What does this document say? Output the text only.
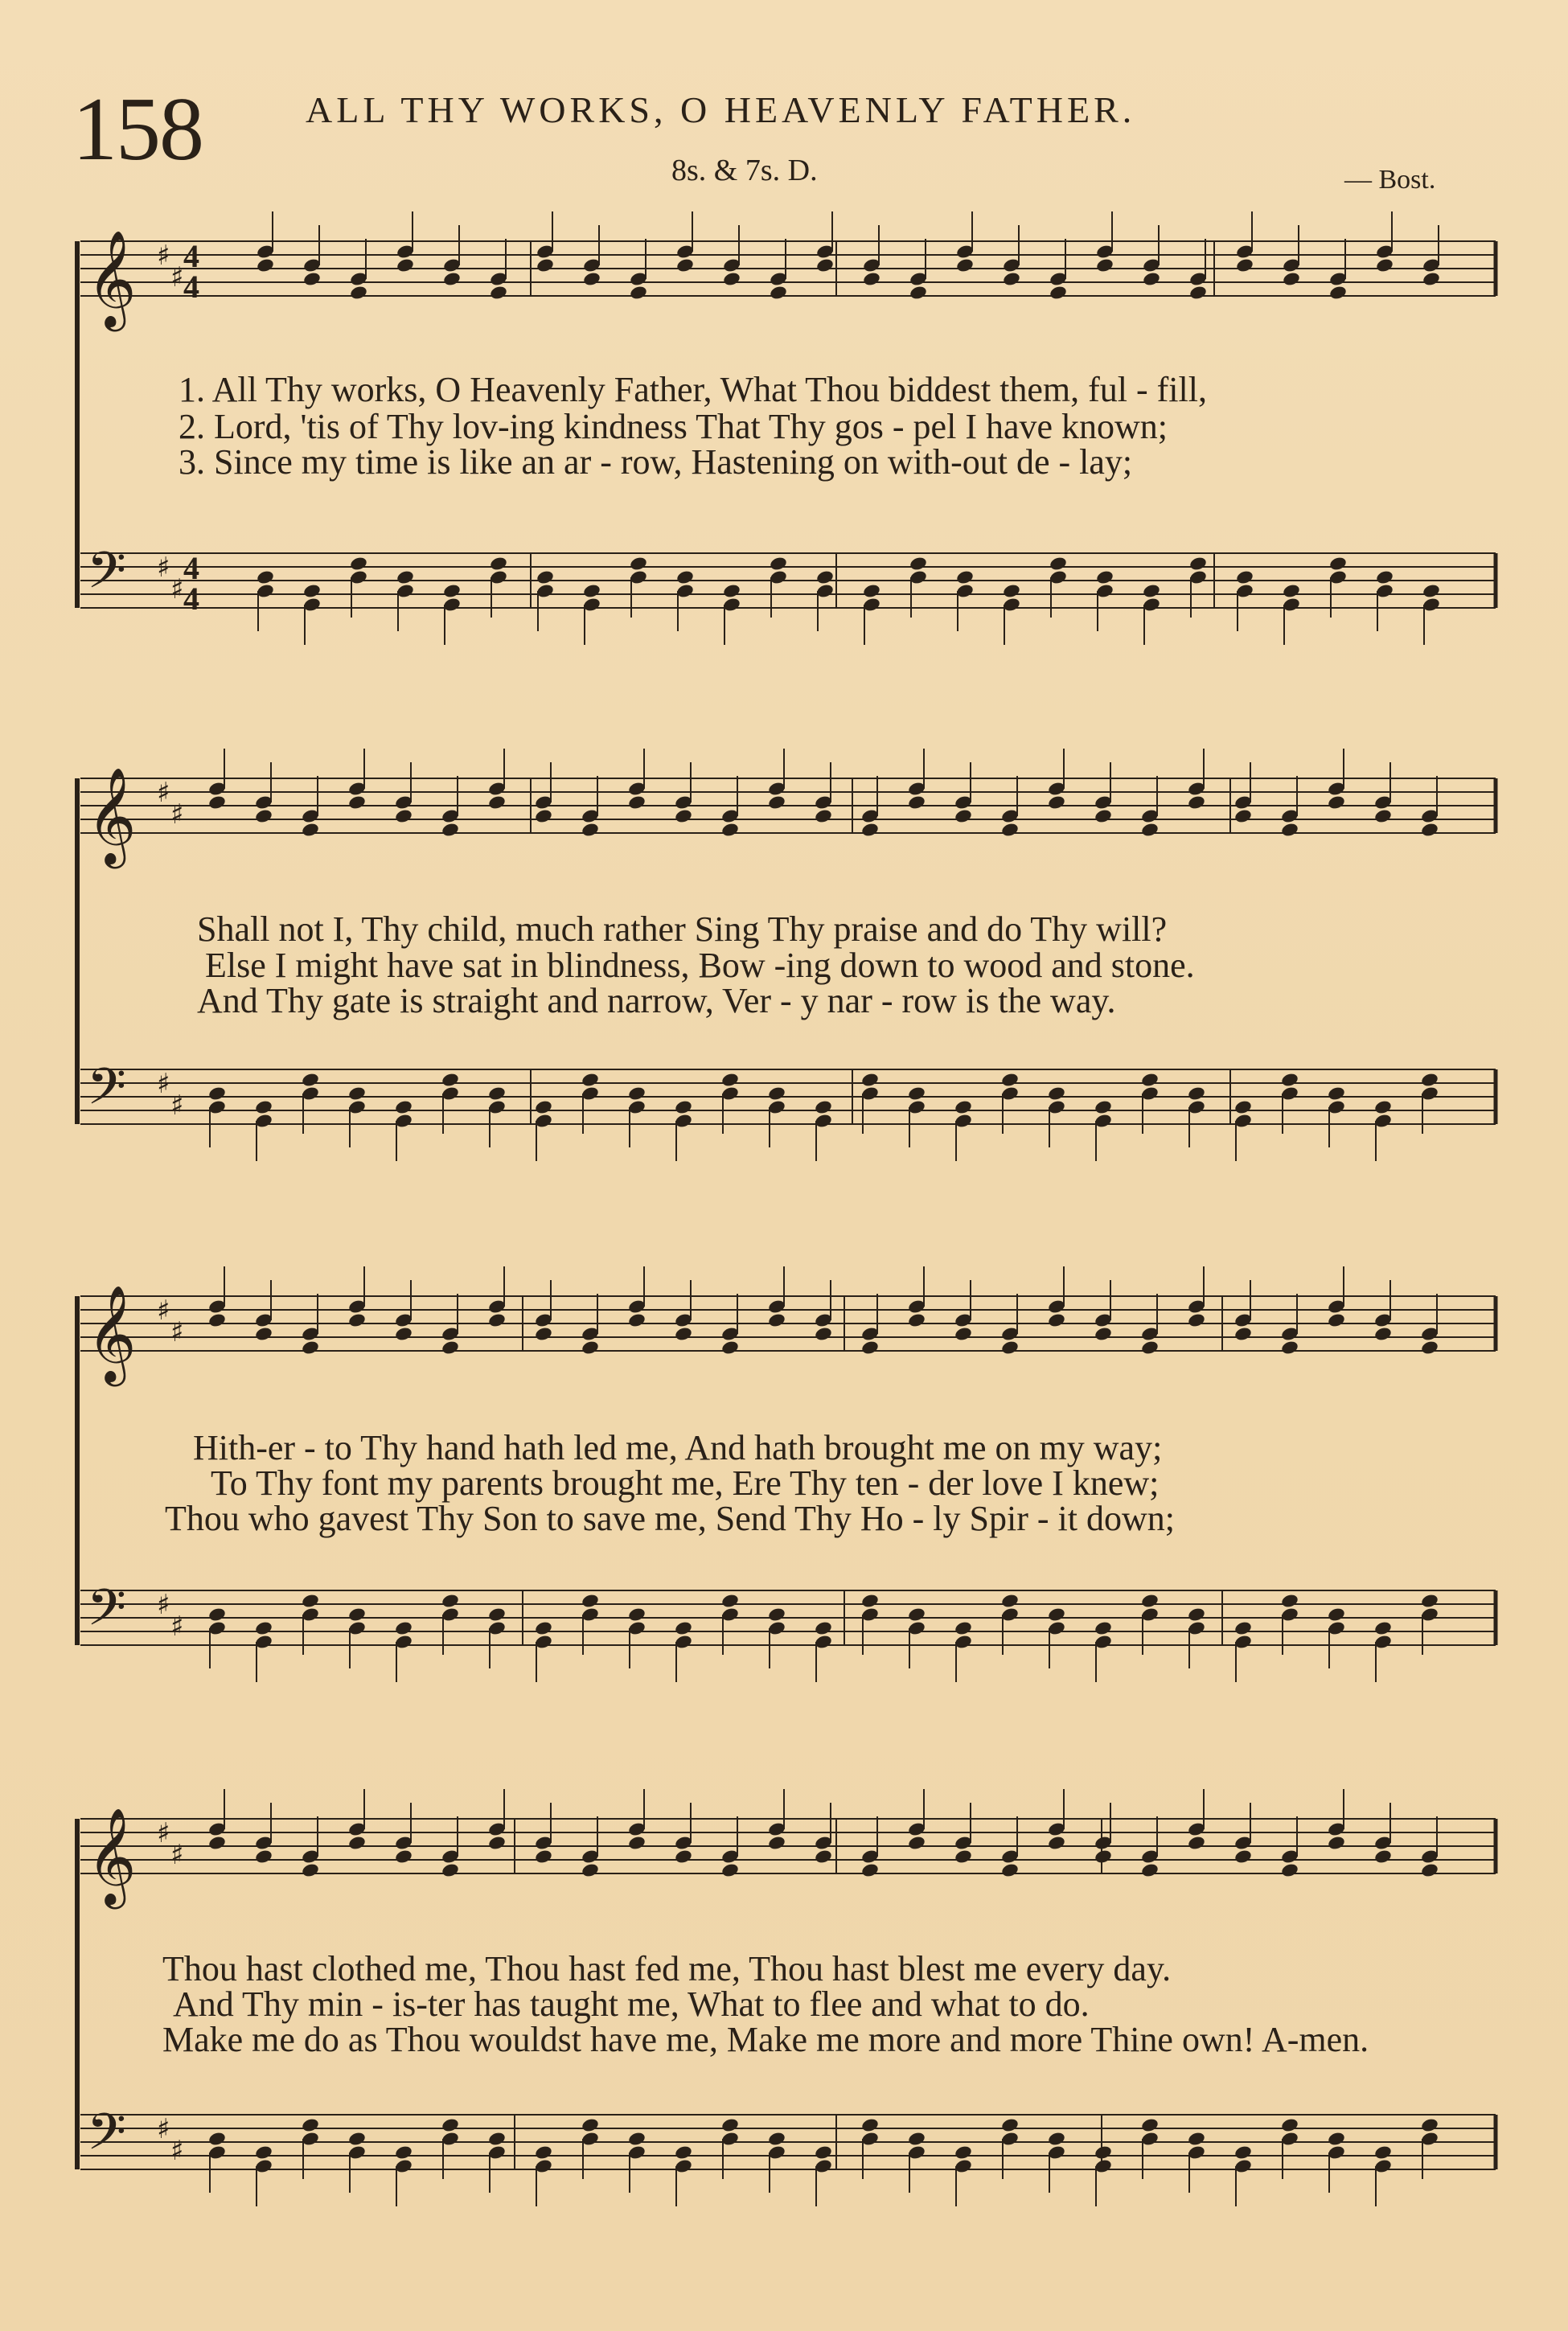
158	ALL THY WORKS, O HEAVENLY FATHER.
8s. & 7s. D.	— Bost.
𝄞 ♯
♯
4
4
𝄢 ♯
♯
4
4
𝄞 ♯
♯
𝄢 ♯
♯
𝄞 ♯
♯
𝄢 ♯
♯
𝄞 ♯
♯
𝄢 ♯
♯
1. All Thy works, O Heavenly Father, What Thou biddest them, ful - fill,
2. Lord, 'tis of Thy lov-ing kindness That Thy gos - pel I have known;
3. Since my time is like an ar - row, Hastening on with-out de - lay;
Shall not I, Thy child, much rather Sing Thy praise and do Thy will?
Else I might have sat in blindness, Bow -ing down to wood and stone.
And Thy gate is straight and narrow, Ver - y nar - row is the way.
Hith-er - to Thy hand hath led me, And hath brought me on my way;
To Thy font my parents brought me, Ere Thy ten - der love I knew;
Thou who gavest Thy Son to save me, Send Thy Ho - ly Spir - it down;
Thou hast clothed me, Thou hast fed me, Thou hast blest me every day.
And Thy min - is-ter has taught me, What to flee and what to do.
Make me do as Thou wouldst have me, Make me more and more Thine own! A-men.
